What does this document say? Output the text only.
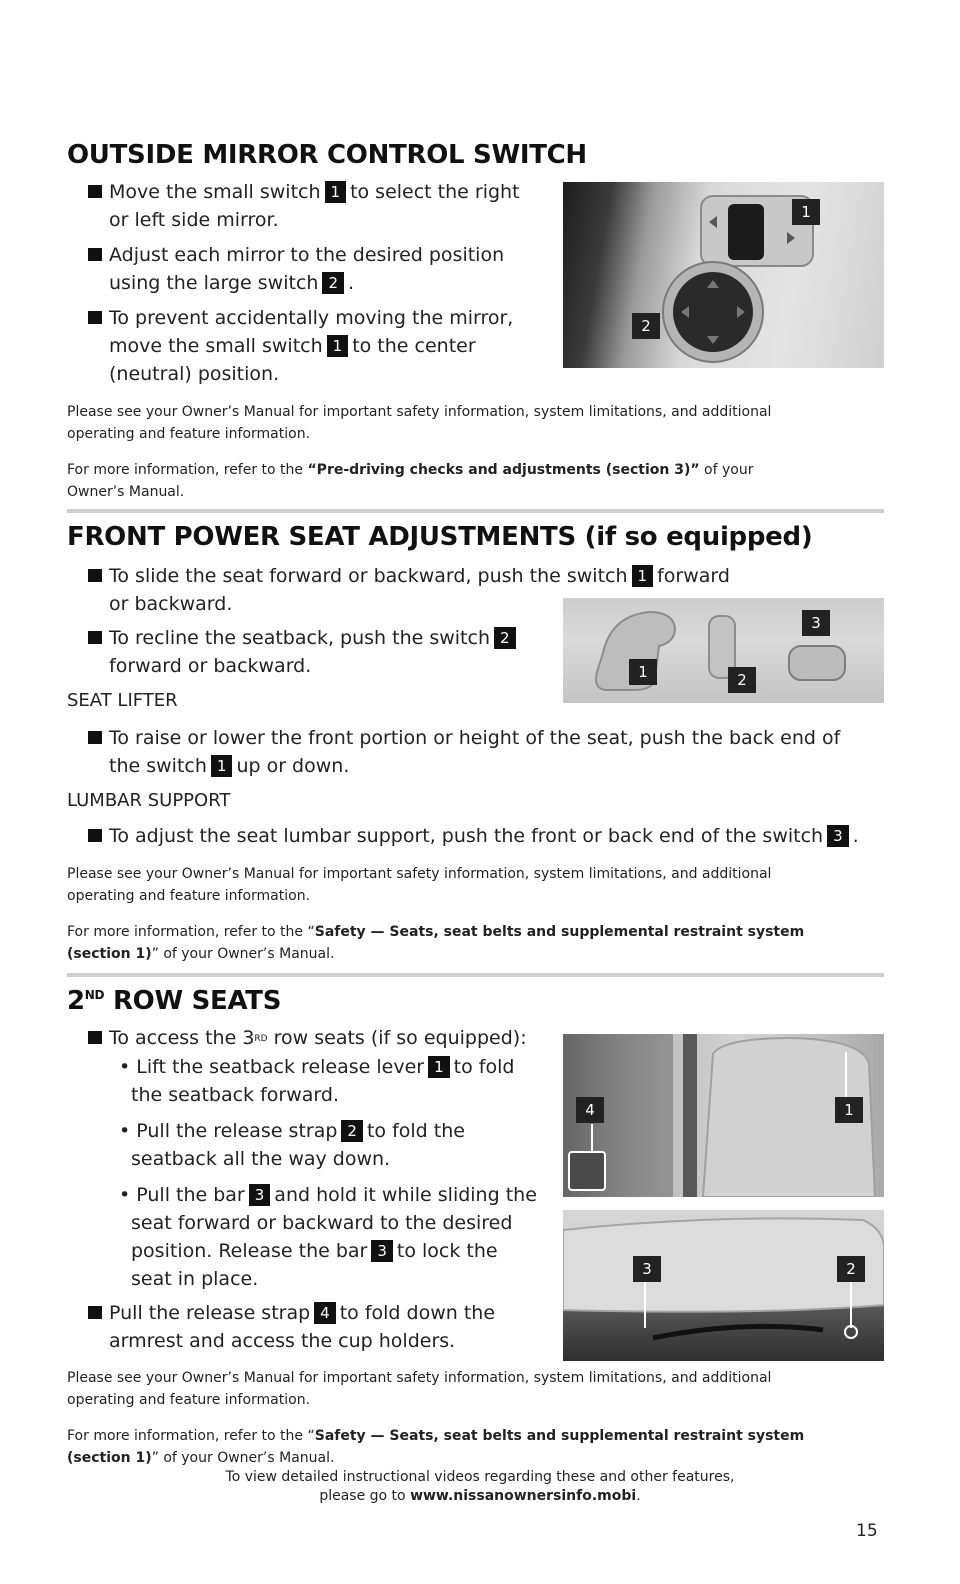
OUTSIDE MIRROR CONTROL SWITCH
Move the small switch 1 to select the right
or left side mirror.
Adjust each mirror to the desired position
using the large switch 2 .
To prevent accidentally moving the mirror,
move the small switch 1 to the center
(neutral) position.
1
2
Please see your Owner’s Manual for important safety information, system limitations, and additional
operating and feature information.
For more information, refer to the “Pre-driving checks and adjustments (section 3)” of your
Owner’s Manual.
FRONT POWER SEAT ADJUSTMENTS (if so equipped)
To slide the seat forward or backward, push the switch 1 forward
or backward.
To recline the seatback, push the switch 2
forward or backward.
3
1	2
SEAT LIFTER
To raise or lower the front portion or height of the seat, push the back end of
the switch 1 up or down.
LUMBAR SUPPORT
To adjust the seat lumbar support, push the front or back end of the switch 3 .
Please see your Owner’s Manual for important safety information, system limitations, and additional
operating and feature information.
For more information, refer to the “Safety — Seats, seat belts and supplemental restraint system
(section 1)” of your Owner’s Manual.
2ND ROW SEATS
To access the 3RD row seats (if so equipped):
• Lift the seatback release lever 1 to fold
the seatback forward.
• Pull the release strap 2 to fold the
seatback all the way down.
• Pull the bar 3 and hold it while sliding the
seat forward or backward to the desired
position. Release the bar 3 to lock the
seat in place.
Pull the release strap 4 to fold down the
armrest and access the cup holders.
4	1
3	2
Please see your Owner’s Manual for important safety information, system limitations, and additional
operating and feature information.
For more information, refer to the “Safety — Seats, seat belts and supplemental restraint system
(section 1)” of your Owner’s Manual.
To view detailed instructional videos regarding these and other features,
please go to www.nissanownersinfo.mobi.
15
